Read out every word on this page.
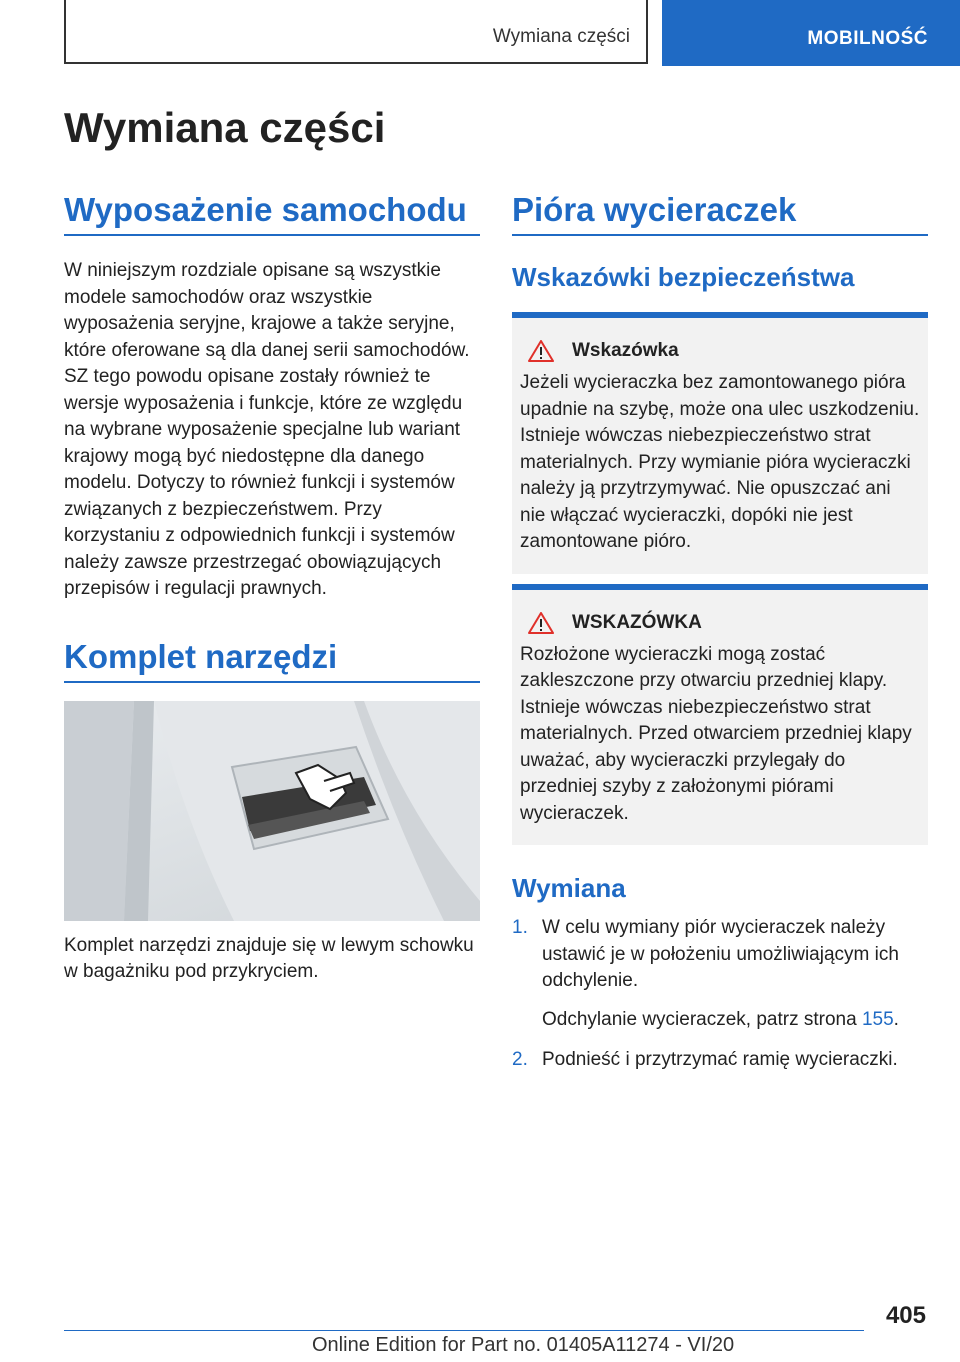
Wymiana części	MOBILNOŚĆ
Wymiana części
Wyposażenie samochodu

W niniejszym rozdziale opisane są wszystkie modele samochodów oraz wszystkie wyposażenia seryjne, krajowe a także seryjne, które oferowane są dla danej serii samochodów. SZ tego powodu opisane zostały również te wersje wyposażenia i funkcje, które ze względu na wybrane wyposażenie specjalne lub wariant krajowy mogą być niedostępne dla danego modelu. Dotyczy to również funkcji i systemów związanych z bezpieczeństwem. Przy korzystaniu z odpowiednich funkcji i systemów należy zawsze przestrzegać obowiązujących przepisów i regulacji prawnych.

Komplet narzędzi

Komplet narzędzi znajduje się w lewym schowku w bagażniku pod przykryciem.

Pióra wycieraczek
Wskazówki bezpieczeństwa
Wskazówka

Jeżeli wycieraczka bez zamontowanego pióra upadnie na szybę, może ona ulec uszkodzeniu. Istnieje wówczas niebezpieczeństwo strat materialnych. Przy wymianie pióra wycieraczki należy ją przytrzymywać. Nie opuszczać ani nie włączać wycieraczki, dopóki nie jest zamontowane pióro.

WSKAZÓWKA

Rozłożone wycieraczki mogą zostać zakleszczone przy otwarciu przedniej klapy. Istnieje wówczas niebezpieczeństwo strat materialnych. Przed otwarciem przedniej klapy uważać, aby wycieraczki przylegały do przedniej szyby z założonymi piórami wycieraczek.

Wymiana
1. W celu wymiany piór wycieraczek należy ustawić je w położeniu umożliwiającym ich odchylenie.
Odchylanie wycieraczek, patrz strona 155.
2. Podnieść i przytrzymać ramię wycieraczki.
405
Online Edition for Part no. 01405A11274 - VI/20
